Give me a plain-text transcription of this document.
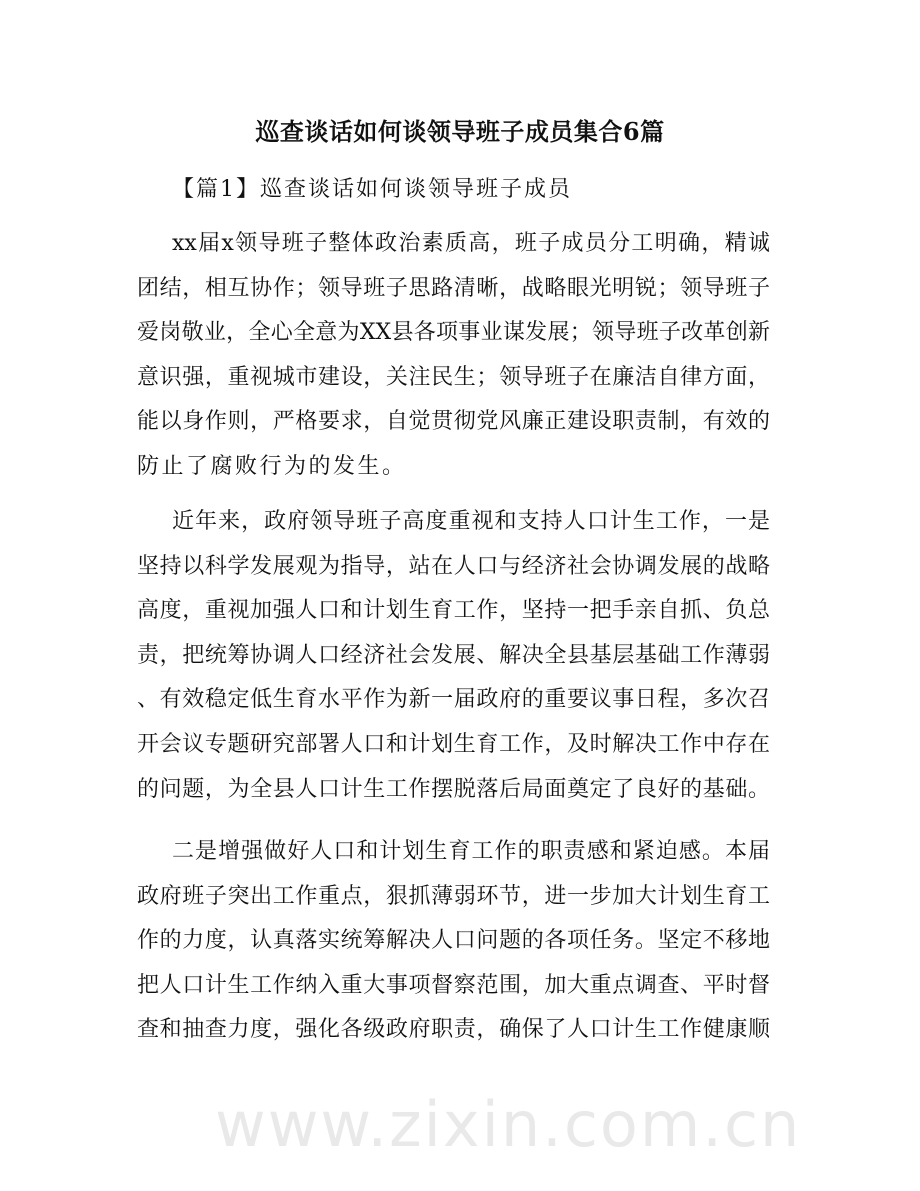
www.zixin.com.cn
巡查谈话如何谈领导班子成员集合6篇
【篇1】巡查谈话如何谈领导班子成员
xx届x领导班子整体政治素质高，班子成员分工明确，精诚
团结，相互协作；领导班子思路清晰，战略眼光明锐；领导班子
爱岗敬业，全心全意为XX县各项事业谋发展；领导班子改革创新
意识强，重视城市建设，关注民生；领导班子在廉洁自律方面，
能以身作则，严格要求，自觉贯彻党风廉正建设职责制，有效的
防止了腐败行为的发生。
近年来，政府领导班子高度重视和支持人口计生工作，一是
坚持以科学发展观为指导，站在人口与经济社会协调发展的战略
高度，重视加强人口和计划生育工作，坚持一把手亲自抓、负总
责，把统筹协调人口经济社会发展、解决全县基层基础工作薄弱
、有效稳定低生育水平作为新一届政府的重要议事日程，多次召
开会议专题研究部署人口和计划生育工作，及时解决工作中存在
的问题，为全县人口计生工作摆脱落后局面奠定了良好的基础。
二是增强做好人口和计划生育工作的职责感和紧迫感。本届
政府班子突出工作重点，狠抓薄弱环节，进一步加大计划生育工
作的力度，认真落实统筹解决人口问题的各项任务。坚定不移地
把人口计生工作纳入重大事项督察范围，加大重点调查、平时督
查和抽查力度，强化各级政府职责，确保了人口计生工作健康顺
